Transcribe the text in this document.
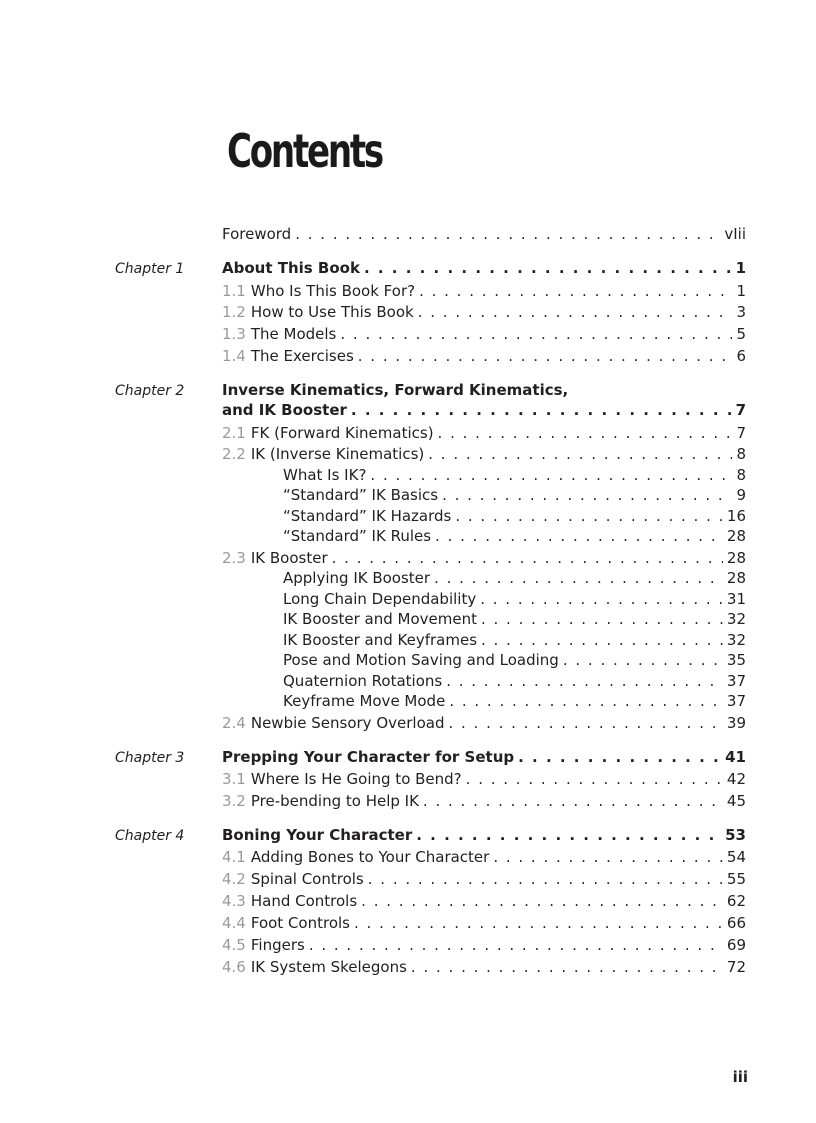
Contents
Foreword . . .	vIii
Chapter 1	About This Book . . .	1
1.1 Who Is This Book For? . . .	1
1.2 How to Use This Book . . .	3
1.3 The Models . . .	5
1.4 The Exercises . . .	6
Chapter 2	Inverse Kinematics, Forward Kinematics,
and IK Booster . . .	7
2.1 FK (Forward Kinematics) . . .	7
2.2 IK (Inverse Kinematics) . . .	8
What Is IK? . . .	8
“Standard” IK Basics . . .	9
“Standard” IK Hazards . . .	16
“Standard” IK Rules . . .	28
2.3 IK Booster . . .	28
Applying IK Booster . . .	28
Long Chain Dependability . . .	31
IK Booster and Movement . . .	32
IK Booster and Keyframes . . .	32
Pose and Motion Saving and Loading . . .	35
Quaternion Rotations . . .	37
Keyframe Move Mode . . .	37
2.4 Newbie Sensory Overload . . .	39
Chapter 3	Prepping Your Character for Setup . . .	41
3.1 Where Is He Going to Bend? . . .	42
3.2 Pre-bending to Help IK . . .	45
Chapter 4	Boning Your Character . . .	53
4.1 Adding Bones to Your Character . . .	54
4.2 Spinal Controls . . .	55
4.3 Hand Controls . . .	62
4.4 Foot Controls . . .	66
4.5 Fingers . . .	69
4.6 IK System Skelegons . . .	72
iii
